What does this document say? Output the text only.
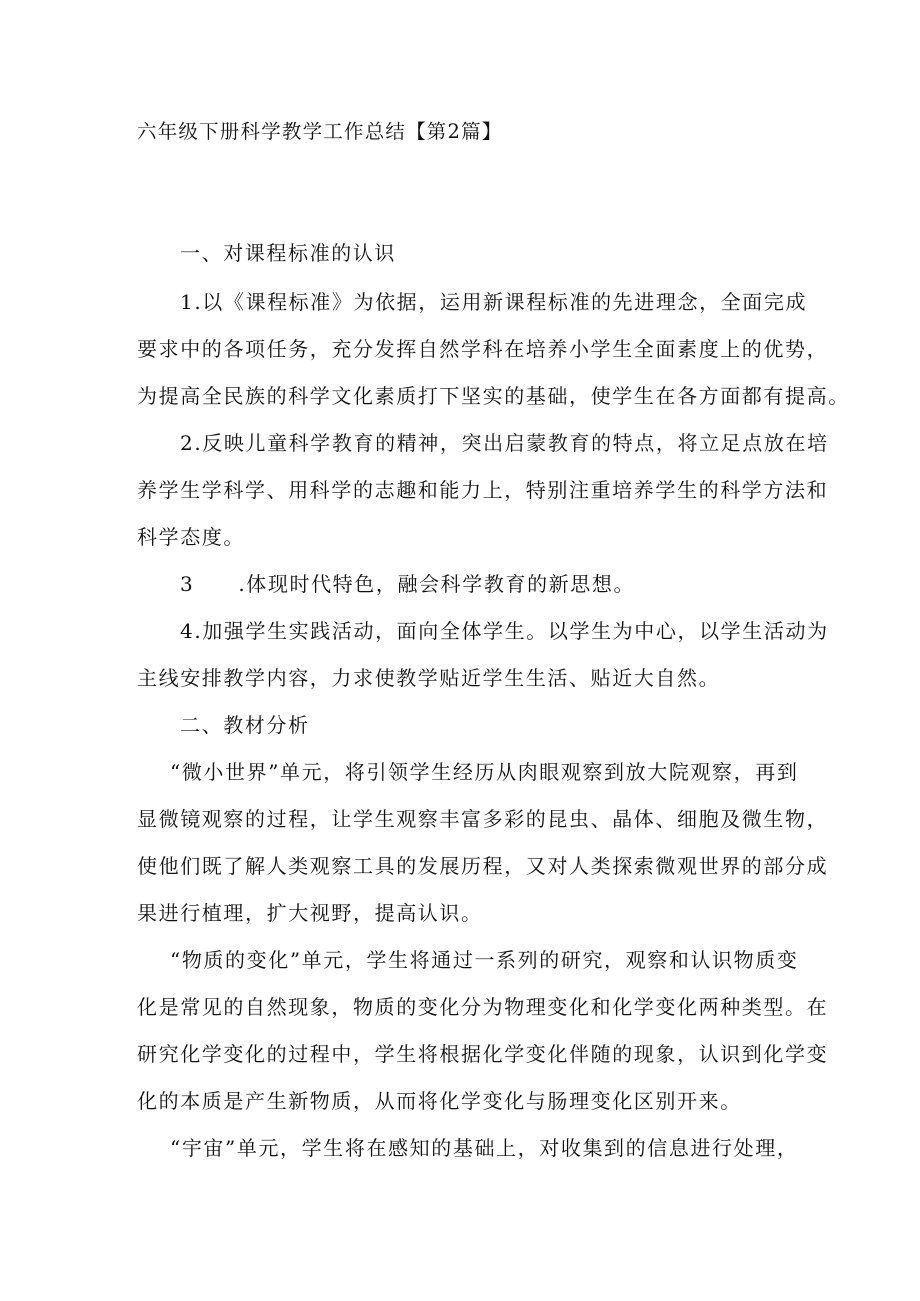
六年级下册科学教学工作总结【第2篇】
一、对课程标准的认识
1.以《课程标准》为依据，运用新课程标准的先进理念，全面完成
要求中的各项任务，充分发挥自然学科在培养小学生全面素度上的优势，
为提高全民族的科学文化素质打下坚实的基础，使学生在各方面都有提高。
2.反映儿童科学教育的精神，突出启蒙教育的特点，将立足点放在培
养学生学科学、用科学的志趣和能力上，特别注重培养学生的科学方法和
科学态度。
3 .体现时代特色，融会科学教育的新思想。
4.加强学生实践活动，面向全体学生。以学生为中心，以学生活动为
主线安排教学内容，力求使教学贴近学生生活、贴近大自然。
二、教材分析
“微小世界”单元，将引领学生经历从肉眼观察到放大院观察，再到
显微镜观察的过程，让学生观察丰富多彩的昆虫、晶体、细胞及微生物，
使他们既了解人类观察工具的发展历程，又对人类探索微观世界的部分成
果进行植理，扩大视野，提高认识。
“物质的变化”单元，学生将通过一系列的研究，观察和认识物质变
化是常见的自然现象，物质的变化分为物理变化和化学变化两种类型。在
研究化学变化的过程中，学生将根据化学变化伴随的现象，认识到化学变
化的本质是产生新物质，从而将化学变化与肠理变化区别开来。
“宇宙”单元，学生将在感知的基础上，对收集到的信息进行处理，
